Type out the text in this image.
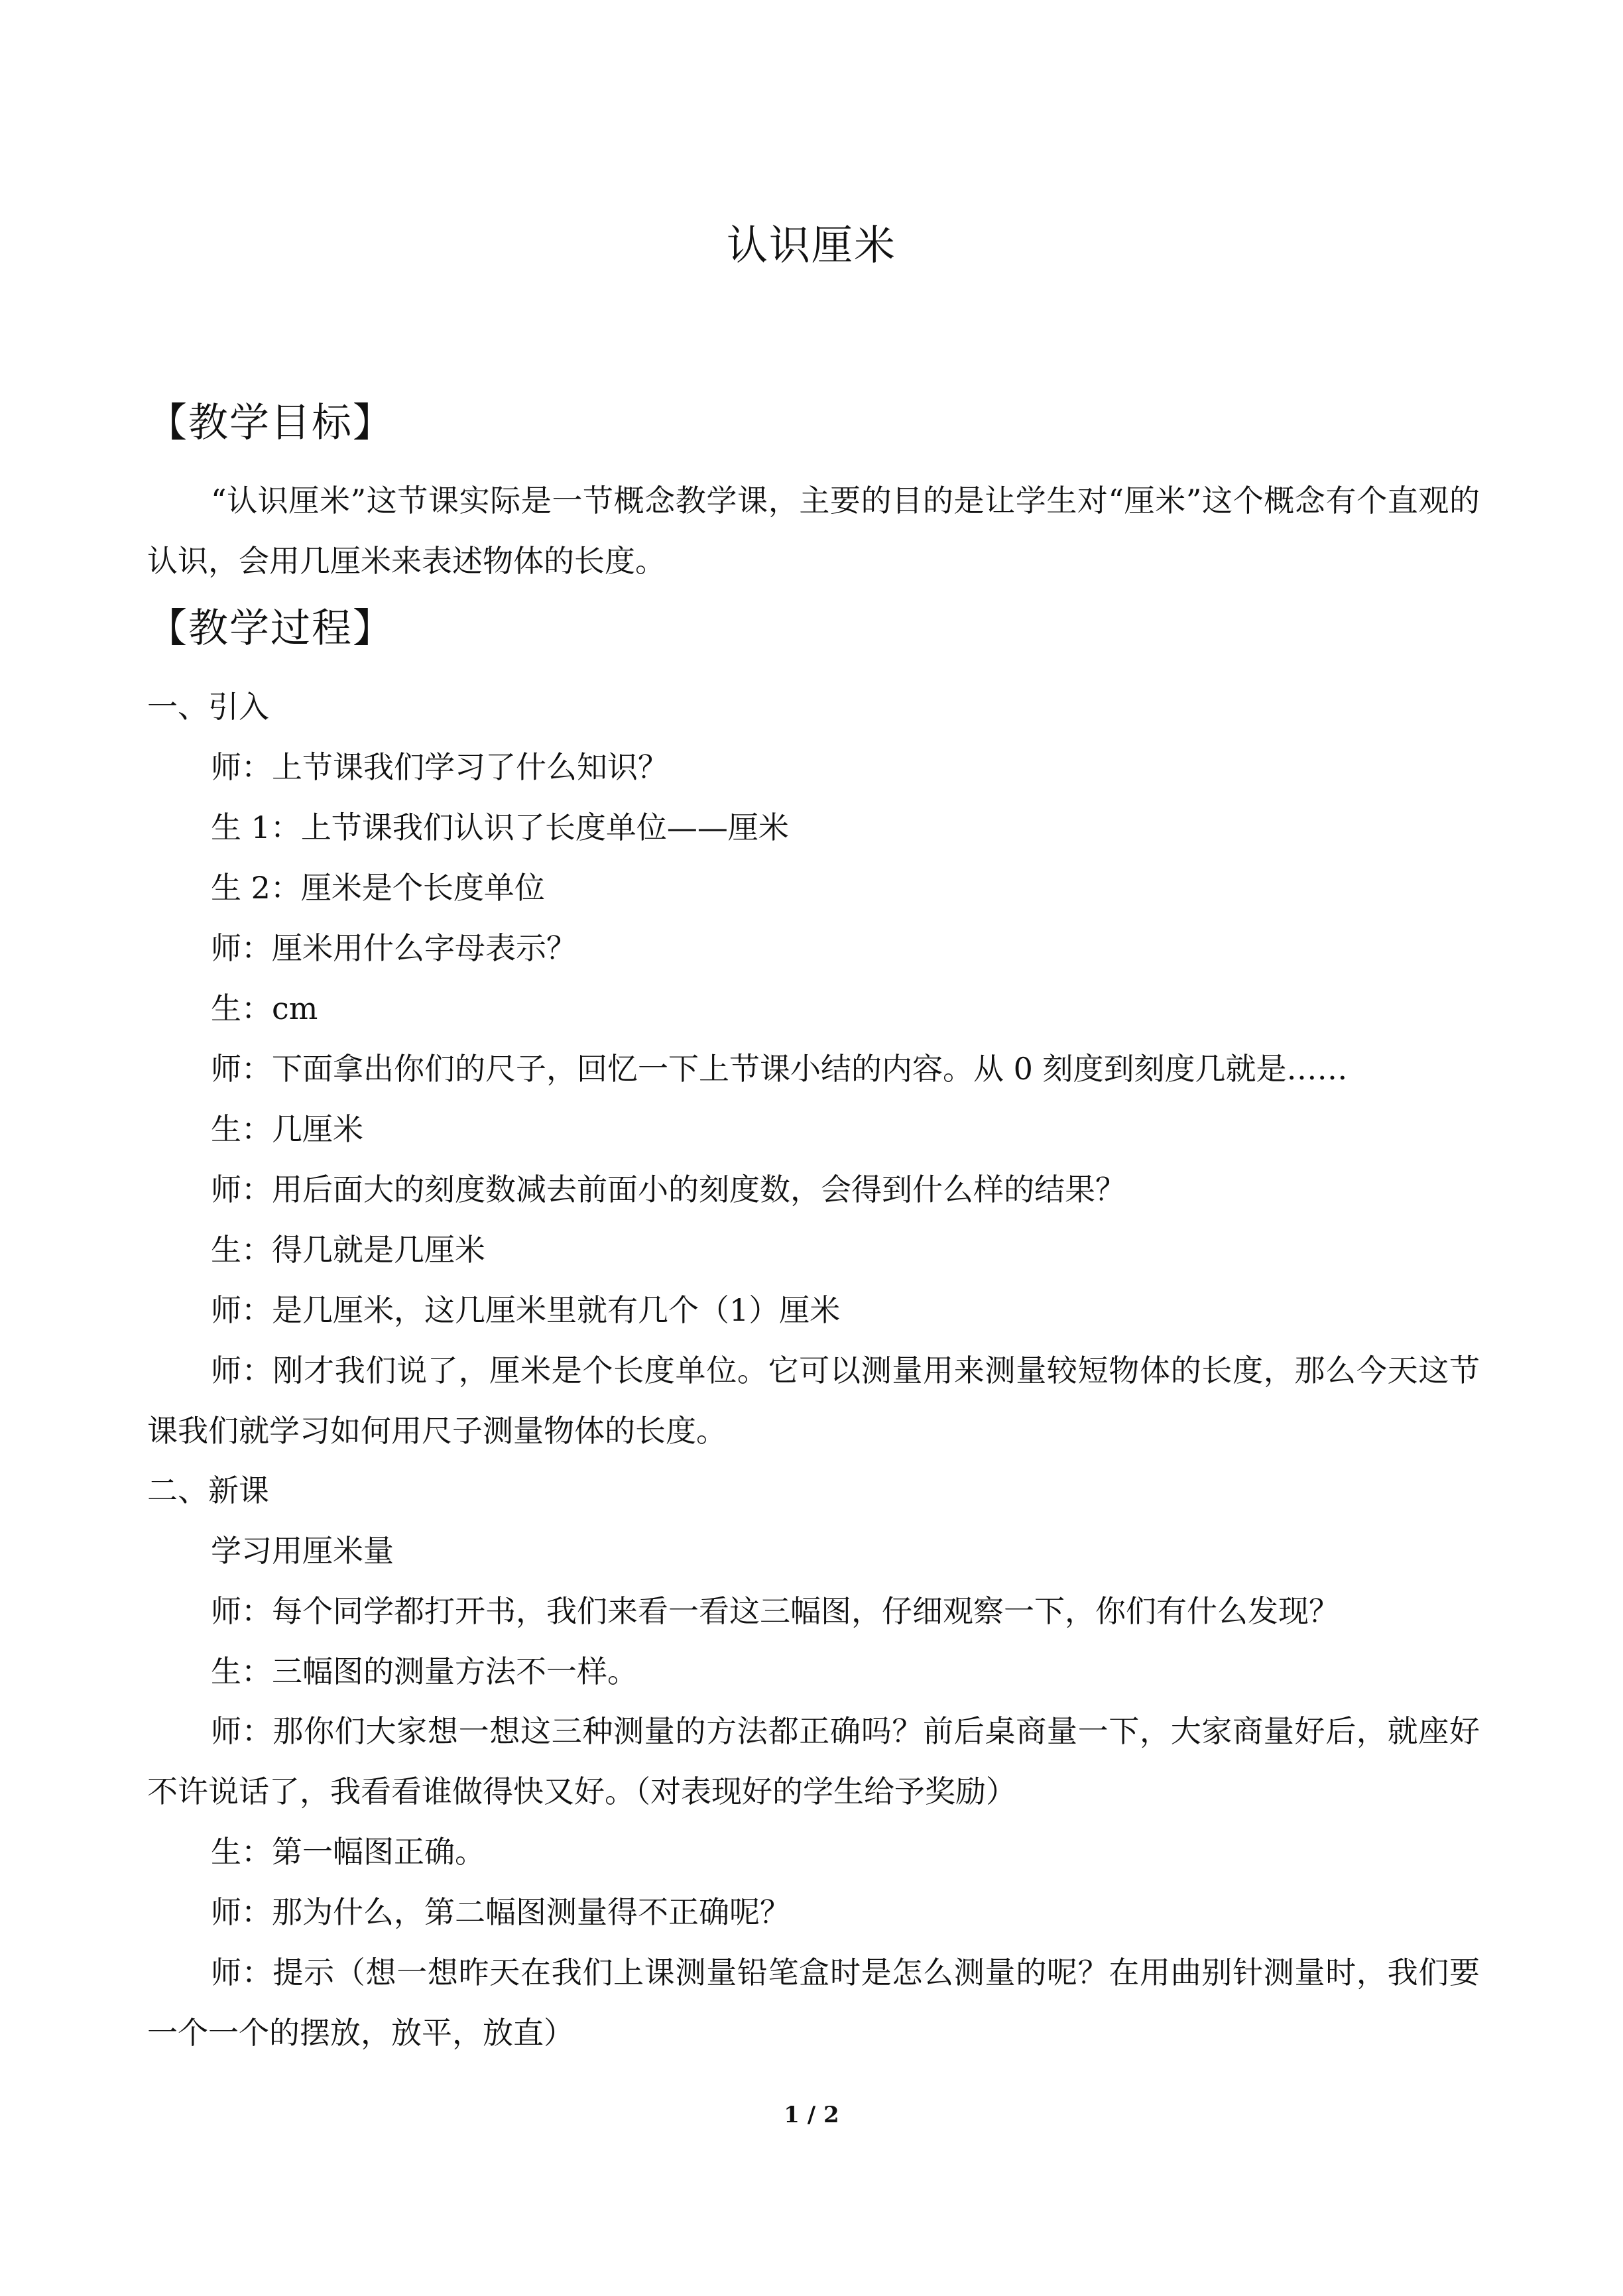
认识厘米
【教学目标】

“认识厘米”这节课实际是一节概念教学课，主要的目的是让学生对“厘米”这个概念有个直观的认识，会用几厘米来表述物体的长度。

【教学过程】
一、引入
师：上节课我们学习了什么知识？
生 1：上节课我们认识了长度单位——厘米
生 2：厘米是个长度单位
师：厘米用什么字母表示？
生：cm
师：下面拿出你们的尺子，回忆一下上节课小结的内容。从 0 刻度到刻度几就是……
生：几厘米
师：用后面大的刻度数减去前面小的刻度数，会得到什么样的结果？
生：得几就是几厘米
师：是几厘米，这几厘米里就有几个（1）厘米

师：刚才我们说了，厘米是个长度单位。它可以测量用来测量较短物体的长度，那么今天这节课我们就学习如何用尺子测量物体的长度。

二、新课
学习用厘米量
师：每个同学都打开书，我们来看一看这三幅图，仔细观察一下，你们有什么发现？
生：三幅图的测量方法不一样。

师：那你们大家想一想这三种测量的方法都正确吗？前后桌商量一下，大家商量好后，就座好不许说话了，我看看谁做得快又好。（对表现好的学生给予奖励）

生：第一幅图正确。
师：那为什么，第二幅图测量得不正确呢？

师：提示（想一想昨天在我们上课测量铅笔盒时是怎么测量的呢？在用曲别针测量时，我们要一个一个的摆放，放平，放直）

1 / 2
